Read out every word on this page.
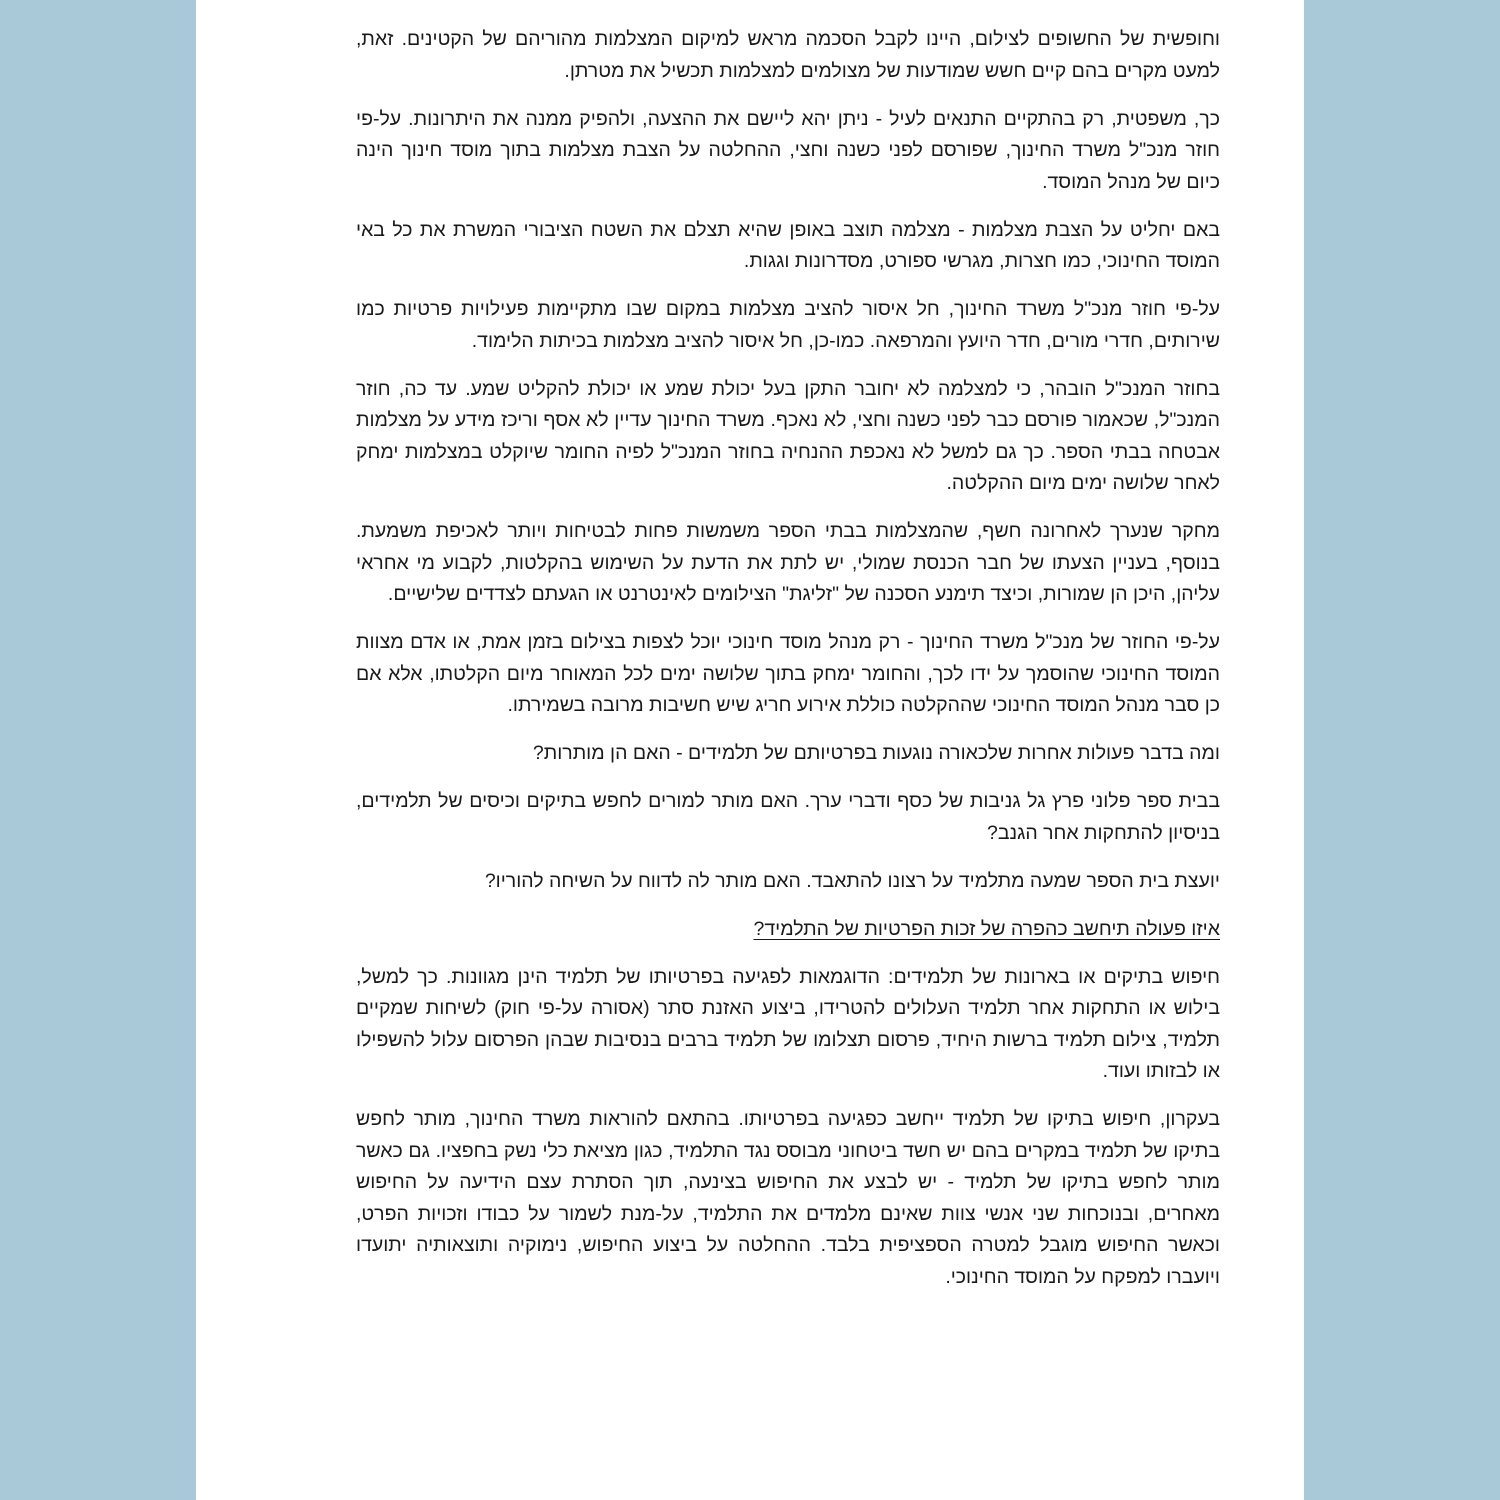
וחופשית של החשופים לצילום, היינו לקבל הסכמה מראש למיקום המצלמות מהוריהם של הקטינים. זאת, למעט מקרים בהם קיים חשש שמודעות של מצולמים למצלמות תכשיל את מטרתן.

כך, משפטית, רק בהתקיים התנאים לעיל - ניתן יהא ליישם את ההצעה, ולהפיק ממנה את היתרונות. על-פי חוזר מנכ"ל משרד החינוך, שפורסם לפני כשנה וחצי, ההחלטה על הצבת מצלמות בתוך מוסד חינוך הינה כיום של מנהל המוסד.

באם יחליט על הצבת מצלמות - מצלמה תוצב באופן שהיא תצלם את השטח הציבורי המשרת את כל באי המוסד החינוכי, כמו חצרות, מגרשי ספורט, מסדרונות וגגות.

על-פי חוזר מנכ"ל משרד החינוך, חל איסור להציב מצלמות במקום שבו מתקיימות פעילויות פרטיות כמו שירותים, חדרי מורים, חדר היועץ והמרפאה. כמו-כן, חל איסור להציב מצלמות בכיתות הלימוד.

בחוזר המנכ"ל הובהר, כי למצלמה לא יחובר התקן בעל יכולת שמע או יכולת להקליט שמע. עד כה, חוזר המנכ"ל, שכאמור פורסם כבר לפני כשנה וחצי, לא נאכף. משרד החינוך עדיין לא אסף וריכז מידע על מצלמות אבטחה בבתי הספר. כך גם למשל לא נאכפת ההנחיה בחוזר המנכ"ל לפיה החומר שיוקלט במצלמות ימחק לאחר שלושה ימים מיום ההקלטה.

מחקר שנערך לאחרונה חשף, שהמצלמות בבתי הספר משמשות פחות לבטיחות ויותר לאכיפת משמעת. בנוסף, בעניין הצעתו של חבר הכנסת שמולי, יש לתת את הדעת על השימוש בהקלטות, לקבוע מי אחראי עליהן, היכן הן שמורות, וכיצד תימנע הסכנה של "זליגת" הצילומים לאינטרנט או הגעתם לצדדים שלישיים.

על-פי החוזר של מנכ"ל משרד החינוך - רק מנהל מוסד חינוכי יוכל לצפות בצילום בזמן אמת, או אדם מצוות המוסד החינוכי שהוסמך על ידו לכך, והחומר ימחק בתוך שלושה ימים לכל המאוחר מיום הקלטתו, אלא אם כן סבר מנהל המוסד החינוכי שההקלטה כוללת אירוע חריג שיש חשיבות מרובה בשמירתו.

ומה בדבר פעולות אחרות שלכאורה נוגעות בפרטיותם של תלמידים - האם הן מותרות?

בבית ספר פלוני פרץ גל גניבות של כסף ודברי ערך. האם מותר למורים לחפש בתיקים וכיסים של תלמידים, בניסיון להתחקות אחר הגנב?

יועצת בית הספר שמעה מתלמיד על רצונו להתאבד. האם מותר לה לדווח על השיחה להוריו?

איזו פעולה תיחשב כהפרה של זכות הפרטיות של התלמיד?

חיפוש בתיקים או בארונות של תלמידים: הדוגמאות לפגיעה בפרטיותו של תלמיד הינן מגוונות. כך למשל, בילוש או התחקות אחר תלמיד העלולים להטרידו, ביצוע האזנת סתר (אסורה על-פי חוק) לשיחות שמקיים תלמיד, צילום תלמיד ברשות היחיד, פרסום תצלומו של תלמיד ברבים בנסיבות שבהן הפרסום עלול להשפילו או לבזותו ועוד.

בעקרון, חיפוש בתיקו של תלמיד ייחשב כפגיעה בפרטיותו. בהתאם להוראות משרד החינוך, מותר לחפש בתיקו של תלמיד במקרים בהם יש חשד ביטחוני מבוסס נגד התלמיד, כגון מציאת כלי נשק בחפציו. גם כאשר מותר לחפש בתיקו של תלמיד - יש לבצע את החיפוש בצינעה, תוך הסתרת עצם הידיעה על החיפוש מאחרים, ובנוכחות שני אנשי צוות שאינם מלמדים את התלמיד, על-מנת לשמור על כבודו וזכויות הפרט, וכאשר החיפוש מוגבל למטרה הספציפית בלבד. ההחלטה על ביצוע החיפוש, נימוקיה ותוצאותיה יתועדו ויועברו למפקח על המוסד החינוכי.
